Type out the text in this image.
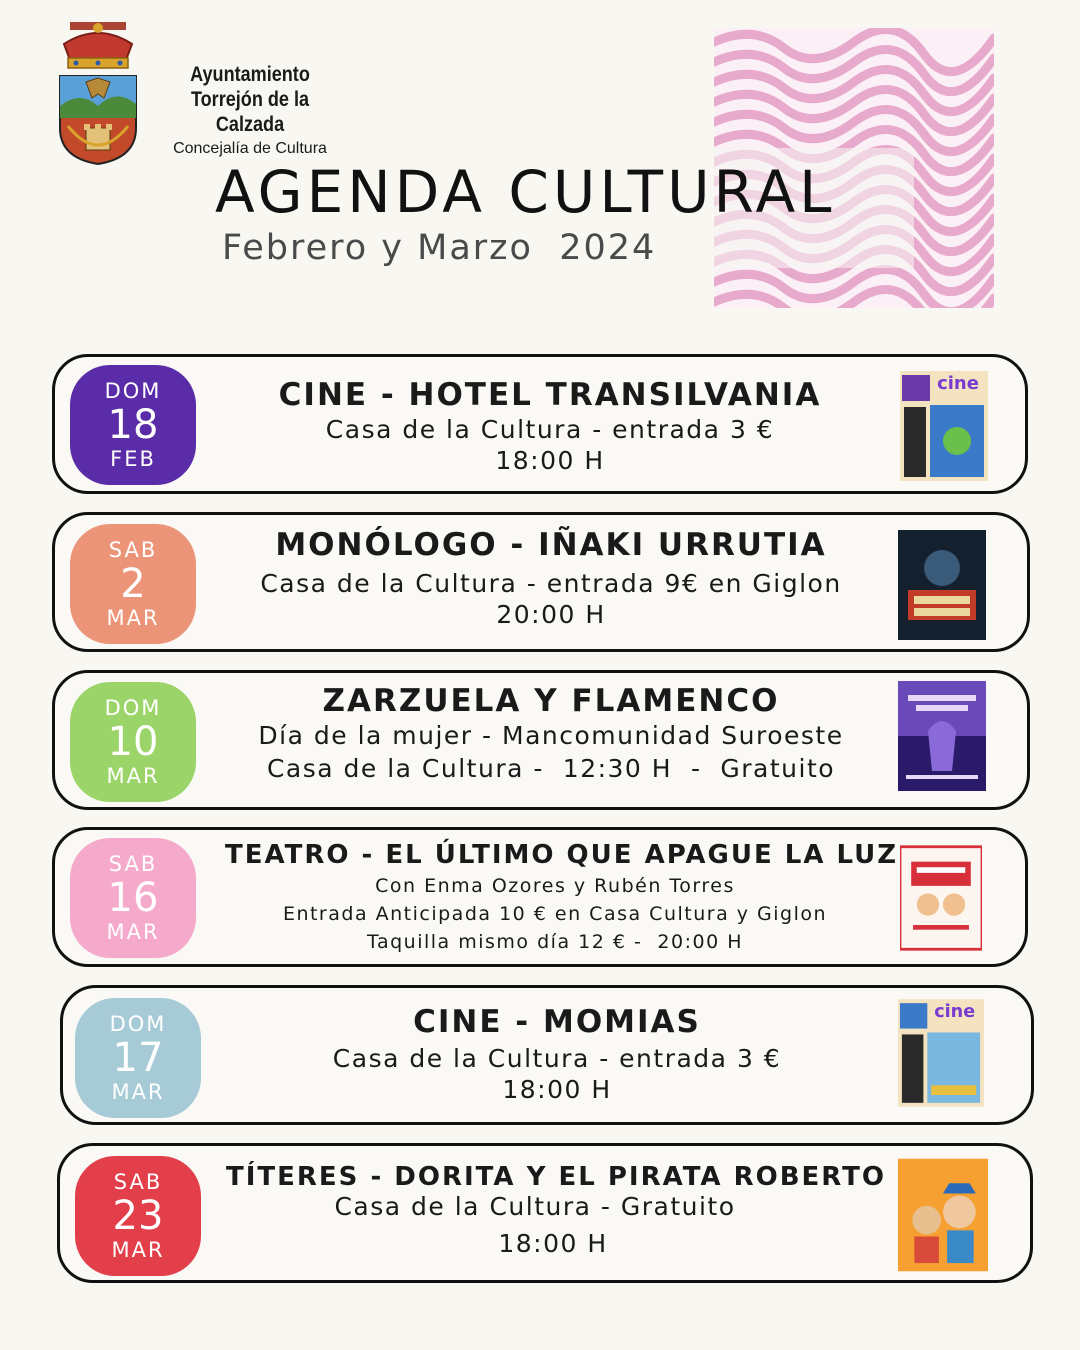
Ayuntamiento
Torrejón de la Calzada
Concejalía de Cultura
AGENDA CULTURAL
Febrero y Marzo  2024
DOM
18
FEB
CINE - HOTEL TRANSILVANIA
Casa de la Cultura - entrada 3 €
18:00 H
cine
SAB
2
MAR
MONÓLOGO - IÑAKI URRUTIA
Casa de la Cultura - entrada 9€ en Giglon
20:00 H
DOM
10
MAR
ZARZUELA Y FLAMENCO
Día de la mujer - Mancomunidad Suroeste
Casa de la Cultura -  12:30 H  -  Gratuito
SAB
16
MAR
TEATRO - EL ÚLTIMO QUE APAGUE LA LUZ
Con Enma Ozores y Rubén Torres
Entrada Anticipada 10 € en Casa Cultura y Giglon
Taquilla mismo día 12 € -  20:00 H
DOM
17
MAR
CINE - MOMIAS
Casa de la Cultura - entrada 3 €
18:00 H
cine
SAB
23
MAR
TÍTERES - DORITA Y EL PIRATA ROBERTO
Casa de la Cultura - Gratuito
18:00 H
